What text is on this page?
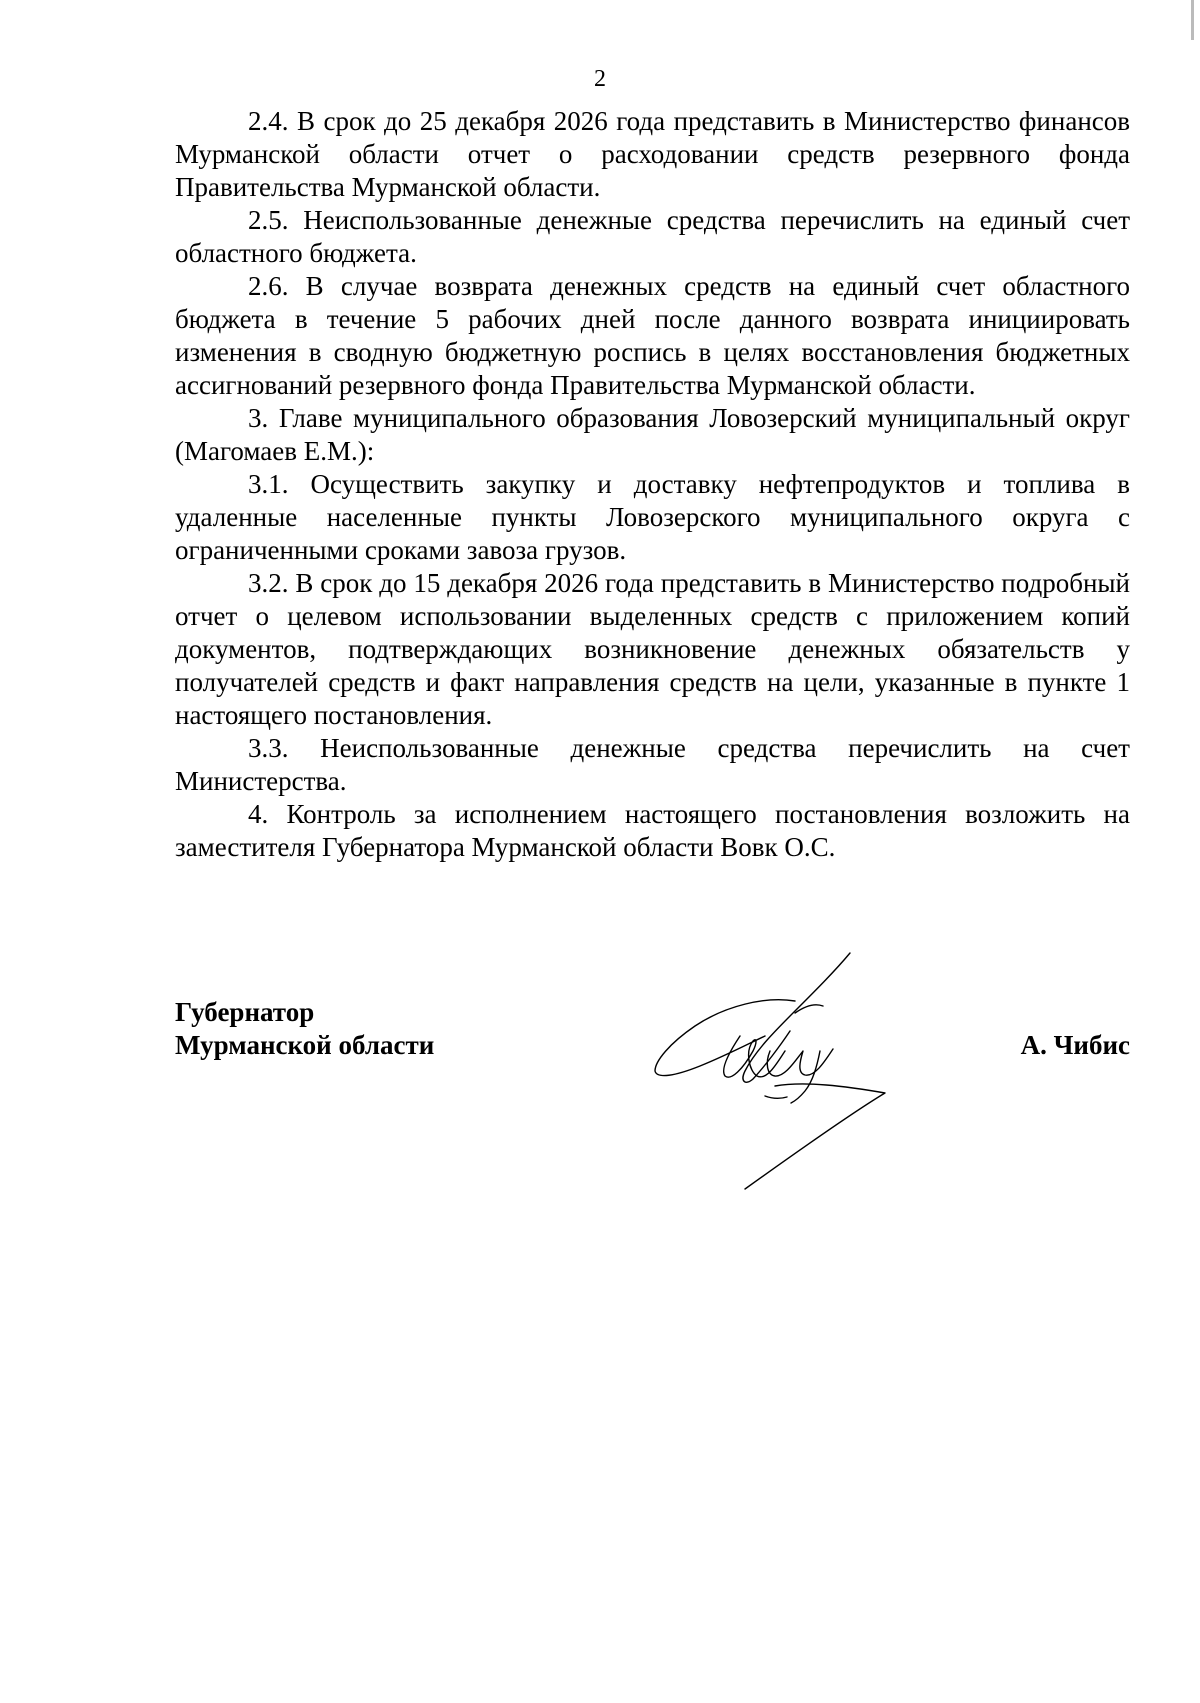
2

2.4. В срок до 25 декабря 2026 года представить в Министерство финансов Мурманской области отчет о расходовании средств резервного фонда Правительства Мурманской области.

2.5. Неиспользованные денежные средства перечислить на единый счет областного бюджета.

2.6. В случае возврата денежных средств на единый счет областного бюджета в течение 5 рабочих дней после данного возврата инициировать изменения в сводную бюджетную роспись в целях восстановления бюджетных ассигнований резервного фонда Правительства Мурманской области.

3. Главе муниципального образования Ловозерский муниципальный округ (Магомаев Е.М.):

3.1. Осуществить закупку и доставку нефтепродуктов и топлива в удаленные населенные пункты Ловозерского муниципального округа с ограниченными сроками завоза грузов.

3.2. В срок до 15 декабря 2026 года представить в Министерство подробный отчет о целевом использовании выделенных средств с приложением копий документов, подтверждающих возникновение денежных обязательств у получателей средств и факт направления средств на цели, указанные в пункте 1 настоящего постановления.

3.3. Неиспользованные денежные средства перечислить на счет Министерства.

4. Контроль за исполнением настоящего постановления возложить на заместителя Губернатора Мурманской области Вовк О.С.

Губернатор
Мурманской области	А. Чибис
